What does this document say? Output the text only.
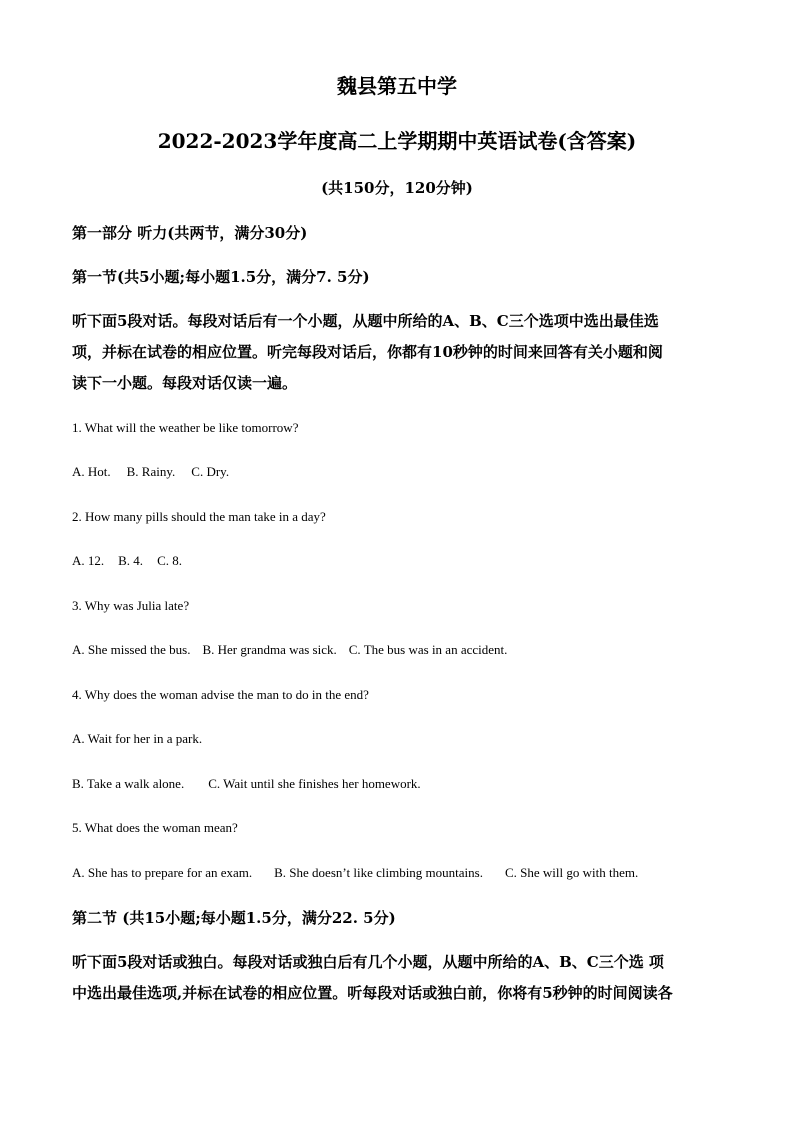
魏县第五中学
2022-2023学年度高二上学期期中英语试卷(含答案)
(共150分，120分钟)
第一部分 听力(共两节，满分30分)
第一节(共5小题;每小题1.5分，满分7. 5分)
听下面5段对话。每段对话后有一个小题，从题中所给的A、B、C三个选项中选出最佳选
项，并标在试卷的相应位置。听完每段对话后，你都有10秒钟的时间来回答有关小题和阅
读下一小题。每段对话仅读一遍。
1. What will the weather be like tomorrow?
A. Hot. B. Rainy. C. Dry.
2. How many pills should the man take in a day?
A. 12. B. 4. C. 8.
3. Why was Julia late?
A. She missed the bus. B. Her grandma was sick. C. The bus was in an accident.
4. Why does the woman advise the man to do in the end?
A. Wait for her in a park.
B. Take a walk alone. C. Wait until she finishes her homework.
5. What does the woman mean?
A. She has to prepare for an exam. B. She doesn’t like climbing mountains. C. She will go with them.
第二节 (共15小题;每小题1.5分，满分22. 5分)
听下面5段对话或独白。每段对话或独白后有几个小题，从题中所给的A、B、C三个选 项
中选出最佳选项,并标在试卷的相应位置。听每段对话或独白前，你将有5秒钟的时间阅读各
